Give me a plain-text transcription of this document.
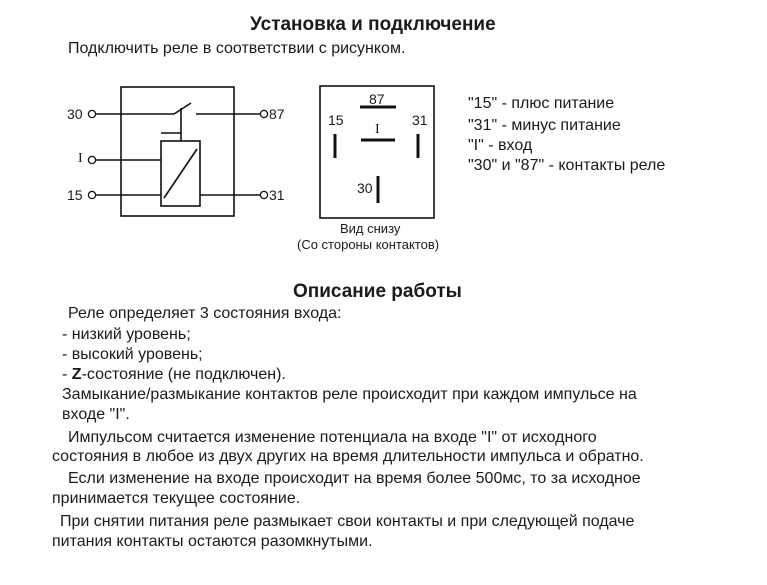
Установка и подключение
Подключить реле в соответствии с рисунком.
30
I
15
87
31
87
15	31
I
30
Вид снизу
(Со стороны контактов)
"15" - плюс питание
"31" - минус питание
"I" - вход
"30" и "87" - контакты реле
Описание работы
Реле определяет 3 состояния входа:
- низкий уровень;
- высокий уровень;
- Z-состояние (не подключен).
Замыкание/размыкание контактов реле происходит при каждом импульсе на
входе "I".
Импульсом считается изменение потенциала на входе "I" от исходного
состояния в любое из двух других на время длительности импульса и обратно.
Если изменение на входе происходит на время более 500мс, то за исходное
принимается текущее состояние.
При снятии питания реле размыкает свои контакты и при следующей подаче
питания контакты остаются разомкнутыми.
